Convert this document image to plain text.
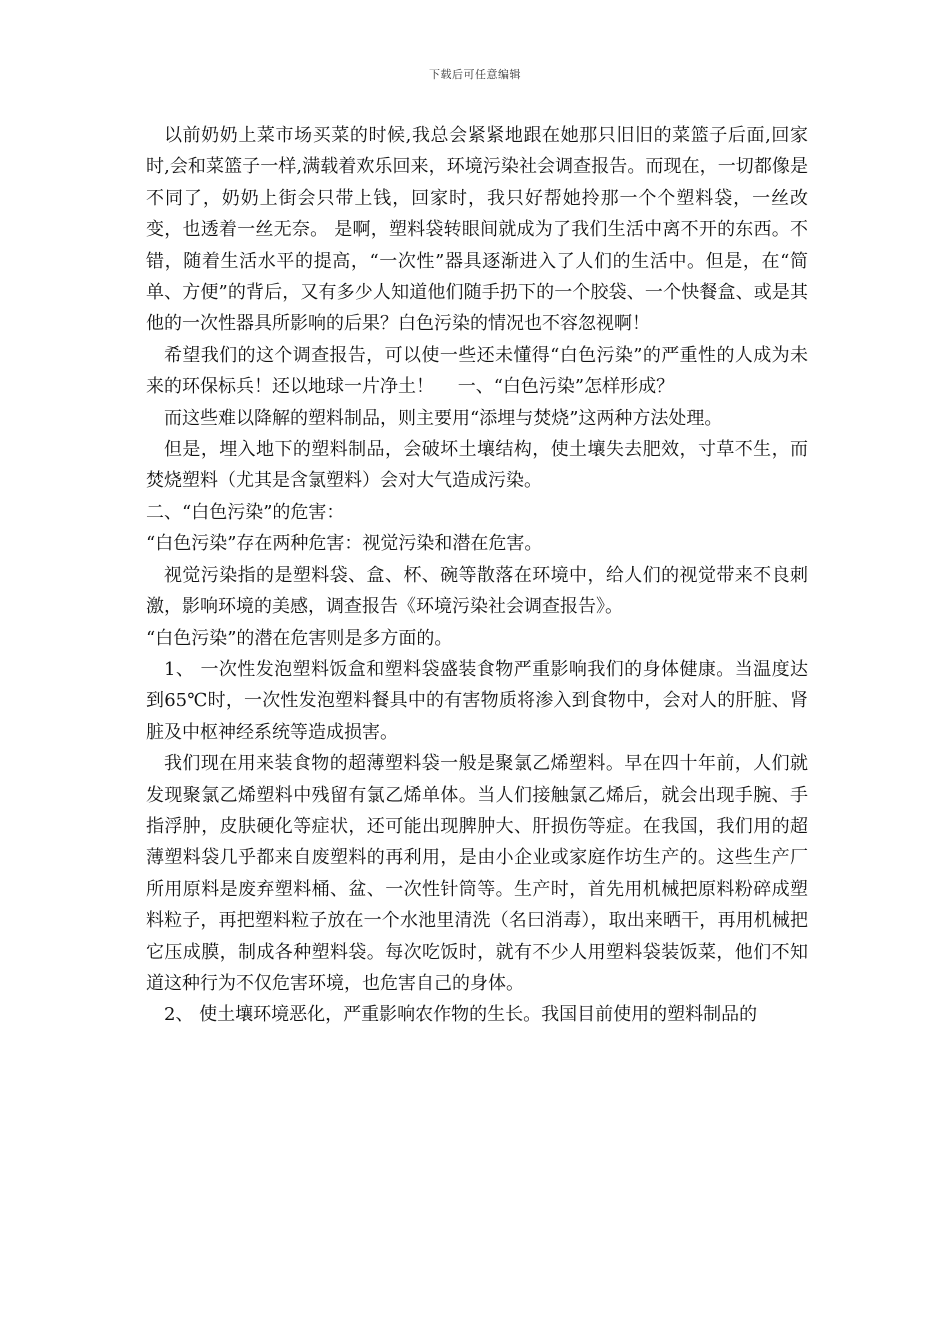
下载后可任意编辑

以前奶奶上菜市场买菜的时候,我总会紧紧地跟在她那只旧旧的菜篮子后面,回家时,会和菜篮子一样,满载着欢乐回来，环境污染社会调查报告。而现在，一切都像是不同了，奶奶上街会只带上钱，回家时，我只好帮她拎那一个个塑料袋，一丝改变，也透着一丝无奈。 是啊，塑料袋转眼间就成为了我们生活中离不开的东西。不错，随着生活水平的提高，“一次性”器具逐渐进入了人们的生活中。但是，在“简单、方便”的背后，又有多少人知道他们随手扔下的一个胶袋、一个快餐盒、或是其他的一次性器具所影响的后果？白色污染的情况也不容忽视啊！

希望我们的这个调查报告，可以使一些还未懂得“白色污染”的严重性的人成为未来的环保标兵！还以地球一片净土！　 一、“白色污染”怎样形成？

而这些难以降解的塑料制品，则主要用“添埋与焚烧”这两种方法处理。

但是，埋入地下的塑料制品，会破坏土壤结构，使土壤失去肥效，寸草不生，而焚烧塑料（尤其是含氯塑料）会对大气造成污染。

二、“白色污染”的危害：

“白色污染”存在两种危害：视觉污染和潜在危害。

视觉污染指的是塑料袋、盒、杯、碗等散落在环境中，给人们的视觉带来不良刺激，影响环境的美感，调查报告《环境污染社会调查报告》。

“白色污染”的潜在危害则是多方面的。

1、 一次性发泡塑料饭盒和塑料袋盛装食物严重影响我们的身体健康。当温度达到65℃时，一次性发泡塑料餐具中的有害物质将渗入到食物中，会对人的肝脏、肾脏及中枢神经系统等造成损害。

我们现在用来装食物的超薄塑料袋一般是聚氯乙烯塑料。早在四十年前，人们就发现聚氯乙烯塑料中残留有氯乙烯单体。当人们接触氯乙烯后，就会出现手腕、手指浮肿，皮肤硬化等症状，还可能出现脾肿大、肝损伤等症。在我国，我们用的超薄塑料袋几乎都来自废塑料的再利用，是由小企业或家庭作坊生产的。这些生产厂所用原料是废弃塑料桶、盆、一次性针筒等。生产时，首先用机械把原料粉碎成塑料粒子，再把塑料粒子放在一个水池里清洗（名曰消毒），取出来晒干，再用机械把它压成膜，制成各种塑料袋。每次吃饭时，就有不少人用塑料袋装饭菜，他们不知道这种行为不仅危害环境，也危害自己的身体。

2、 使土壤环境恶化，严重影响农作物的生长。我国目前使用的塑料制品的
